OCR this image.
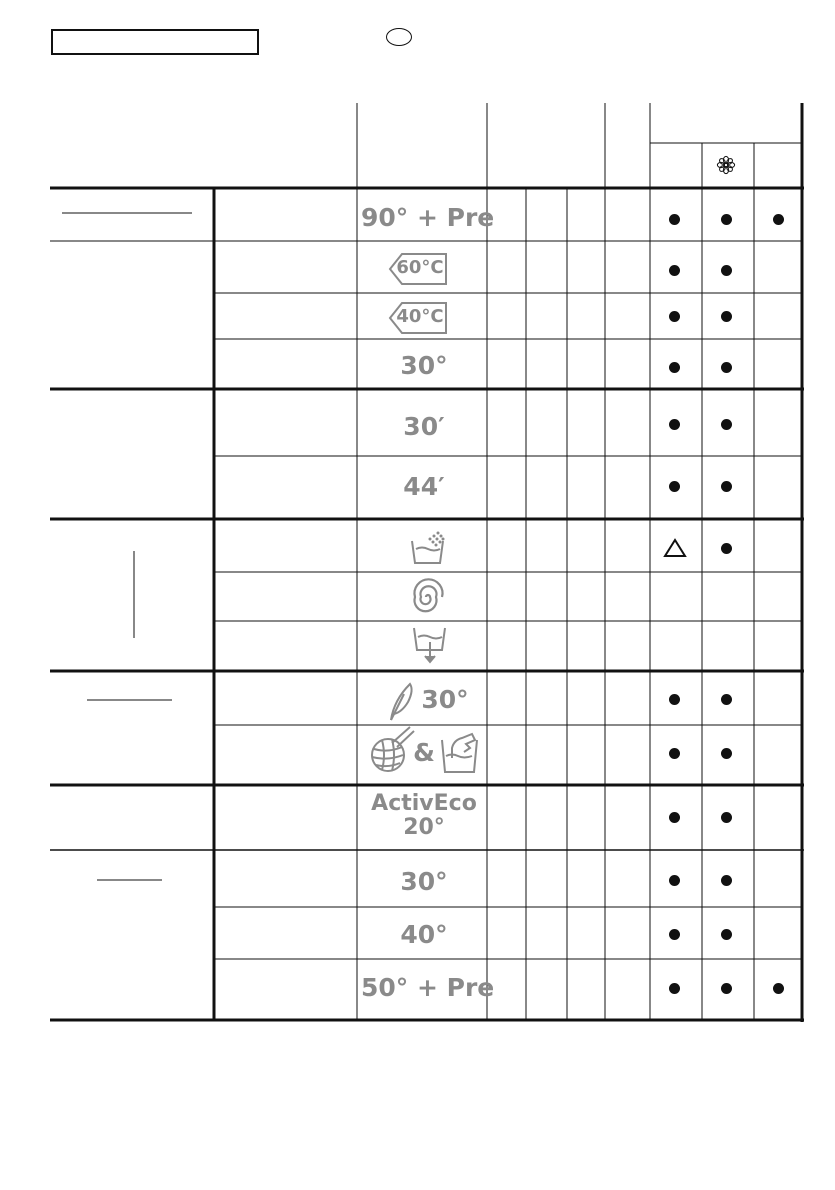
90° + Pre
60°C
40°C
30°
30′
44′
30°
&
ActivEco
20°
30°
40°
50° + Pre
